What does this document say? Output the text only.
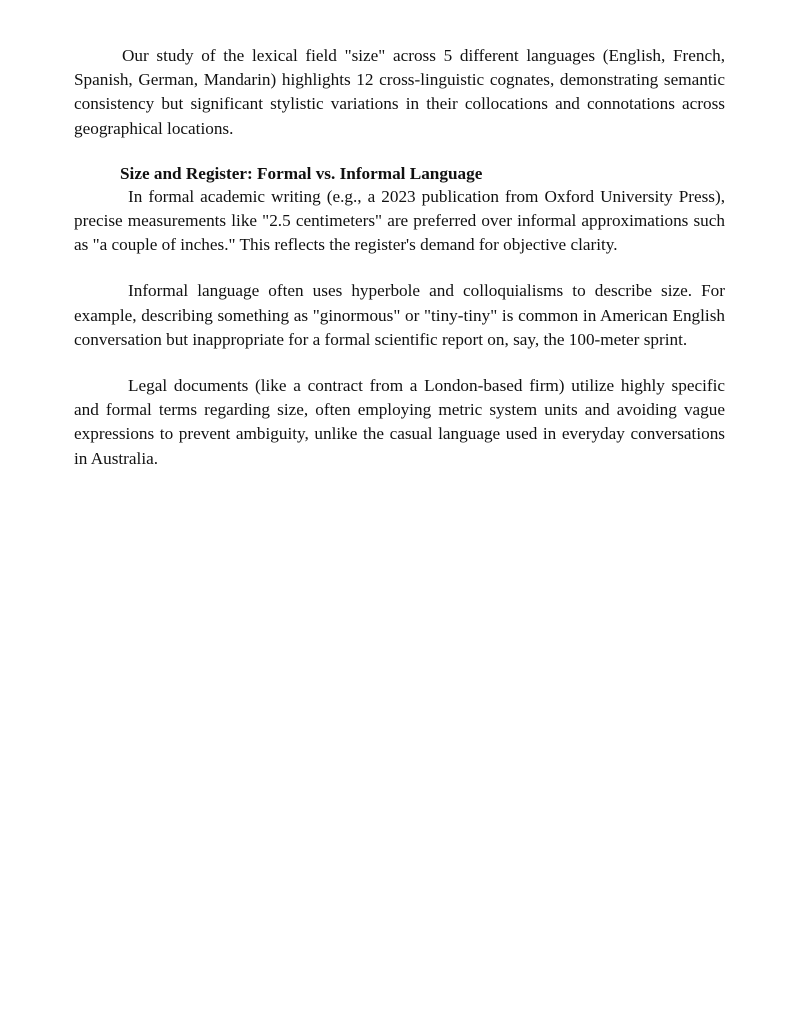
Our study of the lexical field "size" across 5 different languages (English, French, Spanish, German, Mandarin) highlights 12 cross-linguistic cognates, demonstrating semantic consistency but significant stylistic variations in their collocations and connotations across geographical locations.

Size and Register: Formal vs. Informal Language

In formal academic writing (e.g., a 2023 publication from Oxford University Press), precise measurements like "2.5 centimeters" are preferred over informal approximations such as "a couple of inches." This reflects the register's demand for objective clarity.

Informal language often uses hyperbole and colloquialisms to describe size. For example, describing something as "ginormous" or "tiny-tiny" is common in American English conversation but inappropriate for a formal scientific report on, say, the 100-meter sprint.

Legal documents (like a contract from a London-based firm) utilize highly specific and formal terms regarding size, often employing metric system units and avoiding vague expressions to prevent ambiguity, unlike the casual language used in everyday conversations in Australia.
